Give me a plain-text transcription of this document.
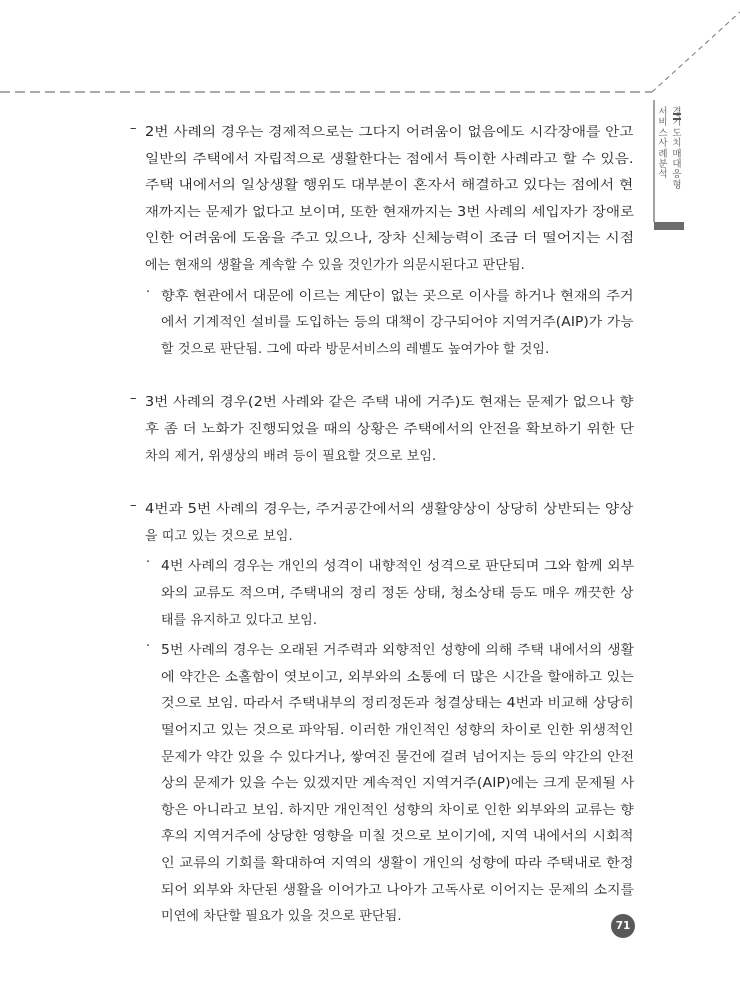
경기도 치매대응형
서비스 사례분석
– 2번 사례의 경우는 경제적으로는 그다지 어려움이 없음에도 시각장애를 안고
일반의 주택에서 자립적으로 생활한다는 점에서 특이한 사례라고 할 수 있음.
주택 내에서의 일상생활 행위도 대부분이 혼자서 해결하고 있다는 점에서 현
재까지는 문제가 없다고 보이며, 또한 현재까지는 3번 사례의 세입자가 장애로
인한 어려움에 도움을 주고 있으나, 장차 신체능력이 조금 더 떨어지는 시점
에는 현재의 생활을 계속할 수 있을 것인가가 의문시된다고 판단됨.
· 향후 현관에서 대문에 이르는 계단이 없는 곳으로 이사를 하거나 현재의 주거
에서 기계적인 설비를 도입하는 등의 대책이 강구되어야 지역거주(AIP)가 가능
할 것으로 판단됨. 그에 따라 방문서비스의 레벨도 높여가야 할 것임.
– 3번 사례의 경우(2번 사례와 같은 주택 내에 거주)도 현재는 문제가 없으나 향
후 좀 더 노화가 진행되었을 때의 상황은 주택에서의 안전을 확보하기 위한 단
차의 제거, 위생상의 배려 등이 필요할 것으로 보임.
– 4번과 5번 사례의 경우는, 주거공간에서의 생활양상이 상당히 상반되는 양상
을 띠고 있는 것으로 보임.
· 4번 사례의 경우는 개인의 성격이 내향적인 성격으로 판단되며 그와 함께 외부
와의 교류도 적으며, 주택내의 정리 정돈 상태, 청소상태 등도 매우 깨끗한 상
태를 유지하고 있다고 보임.
· 5번 사례의 경우는 오래된 거주력과 외향적인 성향에 의해 주택 내에서의 생활
에 약간은 소홀함이 엿보이고, 외부와의 소통에 더 많은 시간을 할애하고 있는
것으로 보임. 따라서 주택내부의 정리정돈과 청결상태는 4번과 비교해 상당히
떨어지고 있는 것으로 파악됨. 이러한 개인적인 성향의 차이로 인한 위생적인
문제가 약간 있을 수 있다거나, 쌓여진 물건에 걸려 넘어지는 등의 약간의 안전
상의 문제가 있을 수는 있겠지만 계속적인 지역거주(AIP)에는 크게 문제될 사
항은 아니라고 보임. 하지만 개인적인 성향의 차이로 인한 외부와의 교류는 향
후의 지역거주에 상당한 영향을 미칠 것으로 보이기에, 지역 내에서의 시회적
인 교류의 기회를 확대하여 지역의 생활이 개인의 성향에 따라 주택내로 한정
되어 외부와 차단된 생활을 이어가고 나아가 고독사로 이어지는 문제의 소지를
미연에 차단할 필요가 있을 것으로 판단됨.
71
